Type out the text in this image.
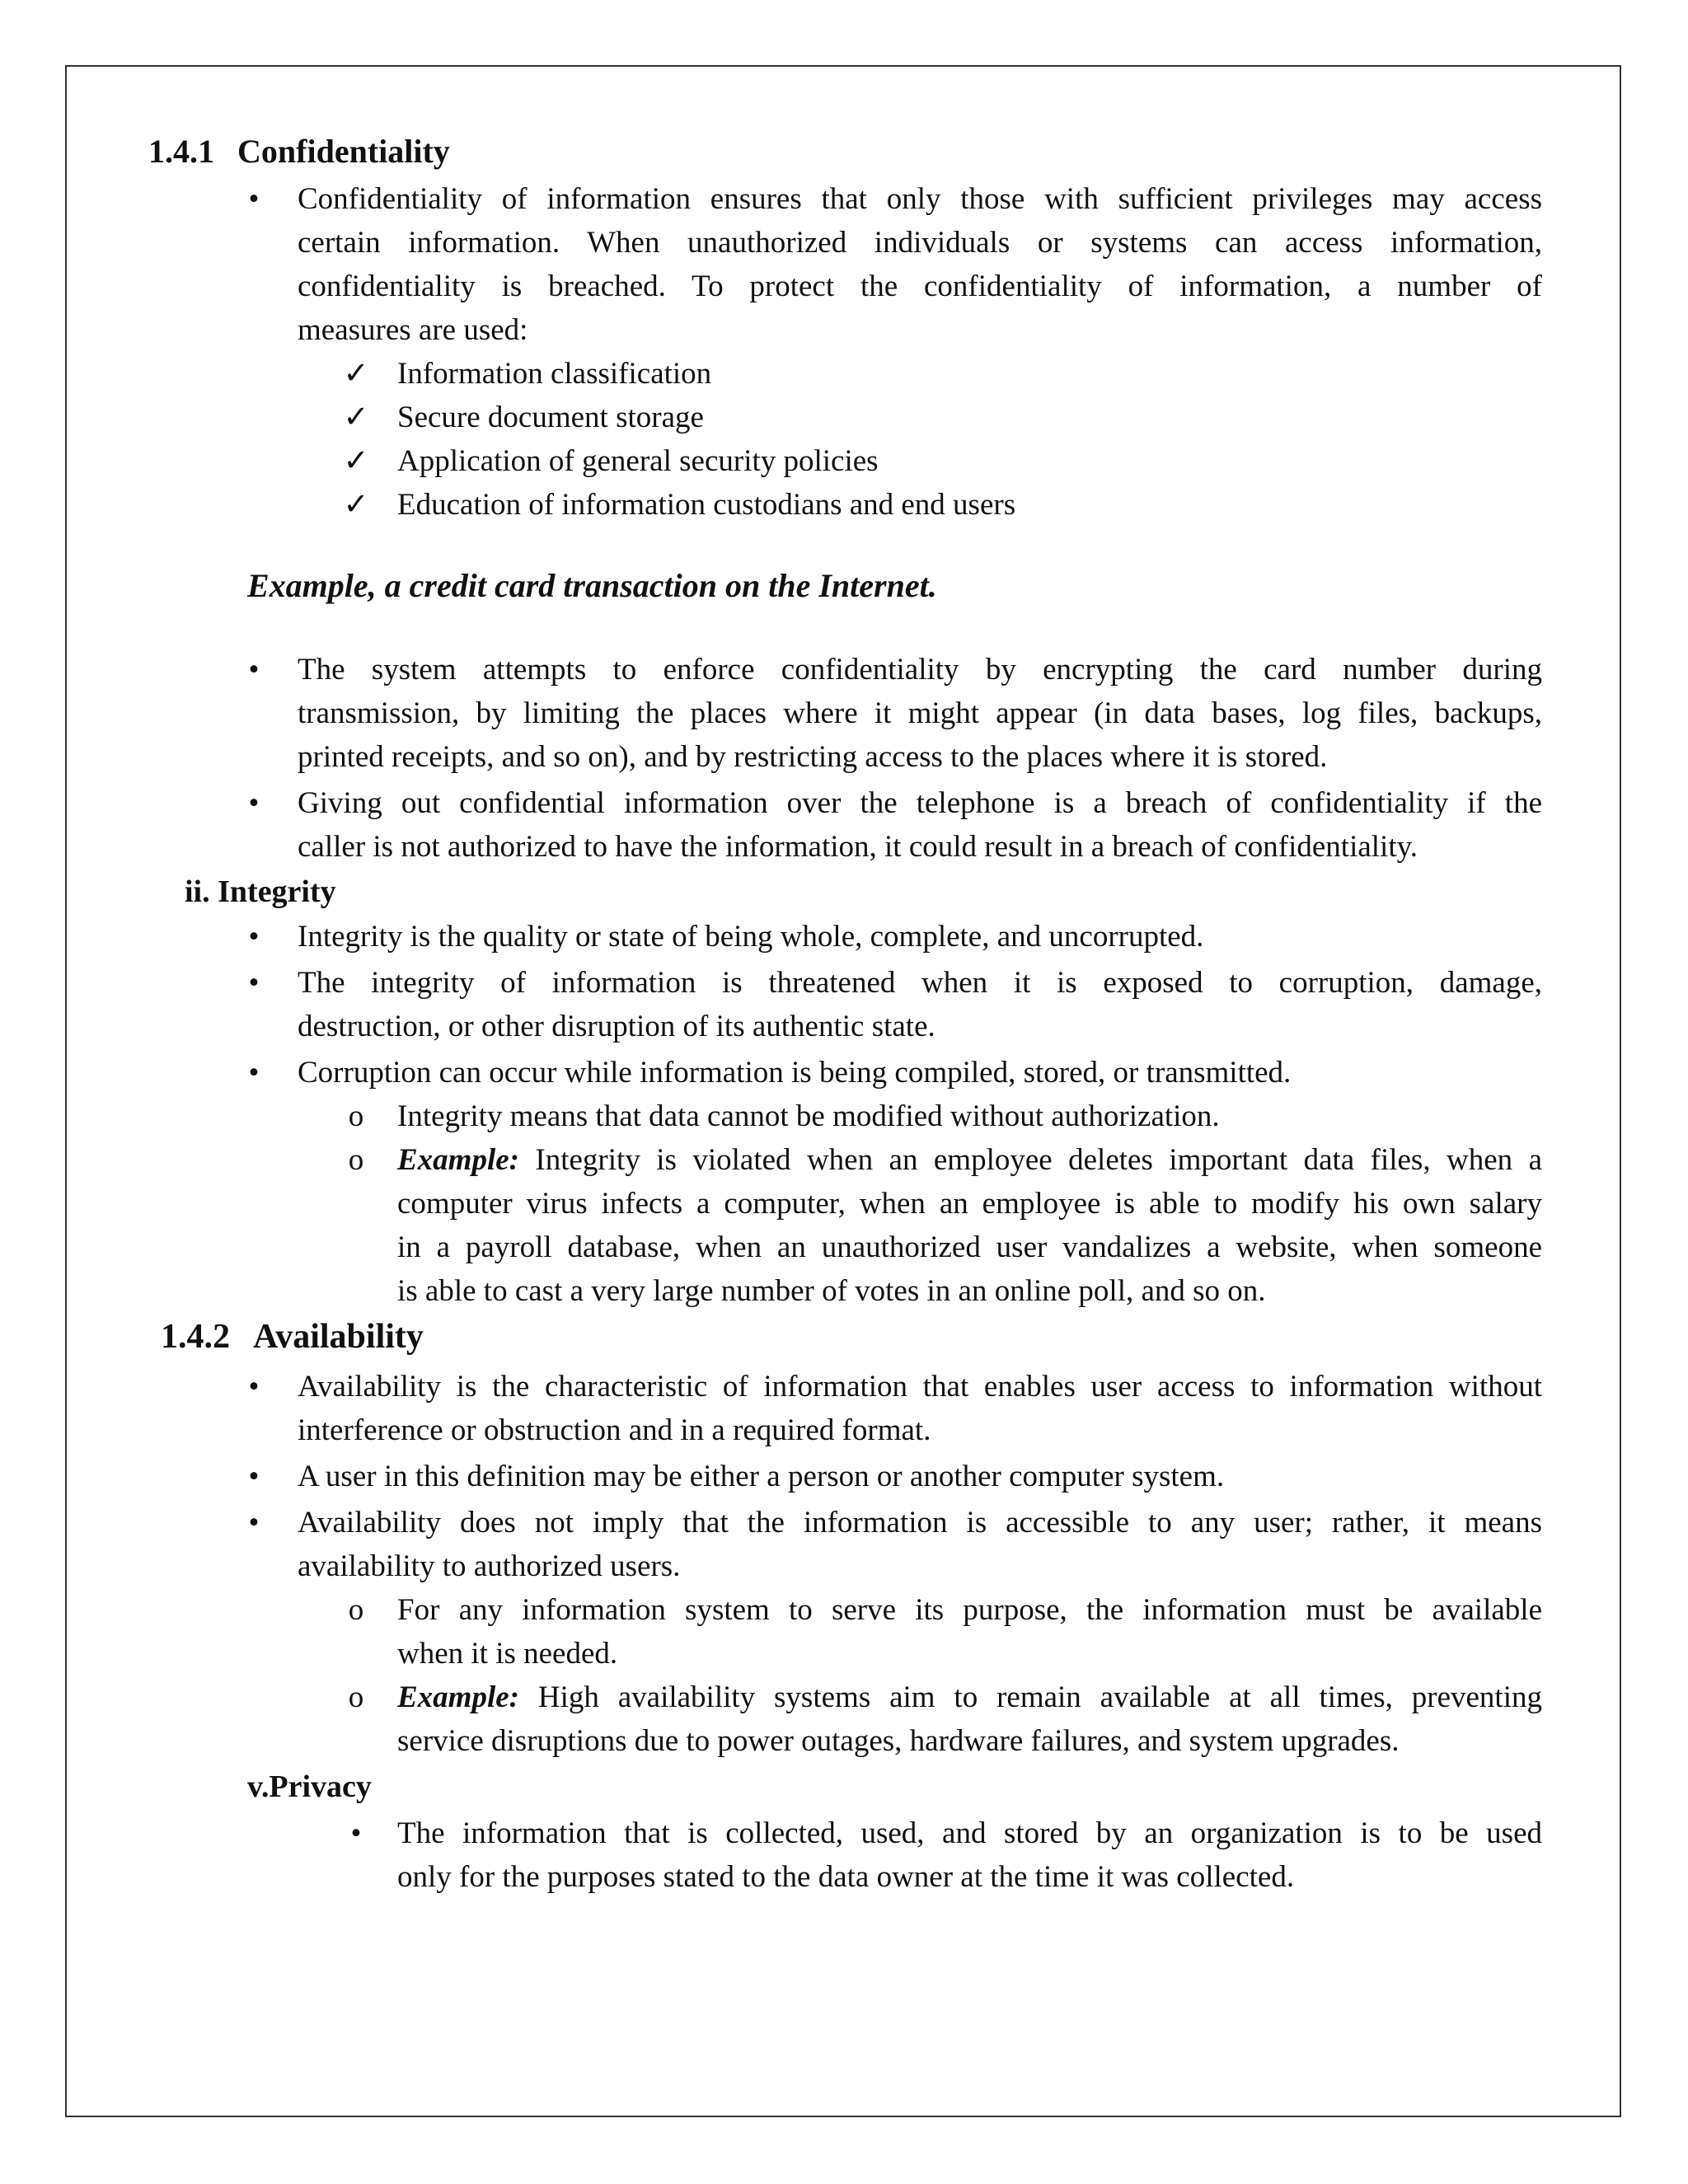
1.4.1 Confidentiality
•	Confidentiality of information ensures that only those with sufficient privileges may access
certain information. When unauthorized individuals or systems can access information,
confidentiality is breached. To protect the confidentiality of information, a number of
measures are used:
✓ Information classification
✓ Secure document storage
✓ Application of general security policies
✓ Education of information custodians and end users
Example, a credit card transaction on the Internet.
•	The system attempts to enforce confidentiality by encrypting the card number during
transmission, by limiting the places where it might appear (in data bases, log files, backups,
printed receipts, and so on), and by restricting access to the places where it is stored.
•	Giving out confidential information over the telephone is a breach of confidentiality if the
caller is not authorized to have the information, it could result in a breach of confidentiality.
ii. Integrity
•	Integrity is the quality or state of being whole, complete, and uncorrupted.
•	The integrity of information is threatened when it is exposed to corruption, damage,
destruction, or other disruption of its authentic state.
•	Corruption can occur while information is being compiled, stored, or transmitted.
o Integrity means that data cannot be modified without authorization.
o Example: Integrity is violated when an employee deletes important data files, when a
computer virus infects a computer, when an employee is able to modify his own salary
in a payroll database, when an unauthorized user vandalizes a website, when someone
is able to cast a very large number of votes in an online poll, and so on.
1.4.2 Availability
•	Availability is the characteristic of information that enables user access to information without
interference or obstruction and in a required format.
•	A user in this definition may be either a person or another computer system.
•	Availability does not imply that the information is accessible to any user; rather, it means
availability to authorized users.
o For any information system to serve its purpose, the information must be available
when it is needed.
o Example: High availability systems aim to remain available at all times, preventing
service disruptions due to power outages, hardware failures, and system upgrades.
v.Privacy
•	The information that is collected, used, and stored by an organization is to be used
only for the purposes stated to the data owner at the time it was collected.
